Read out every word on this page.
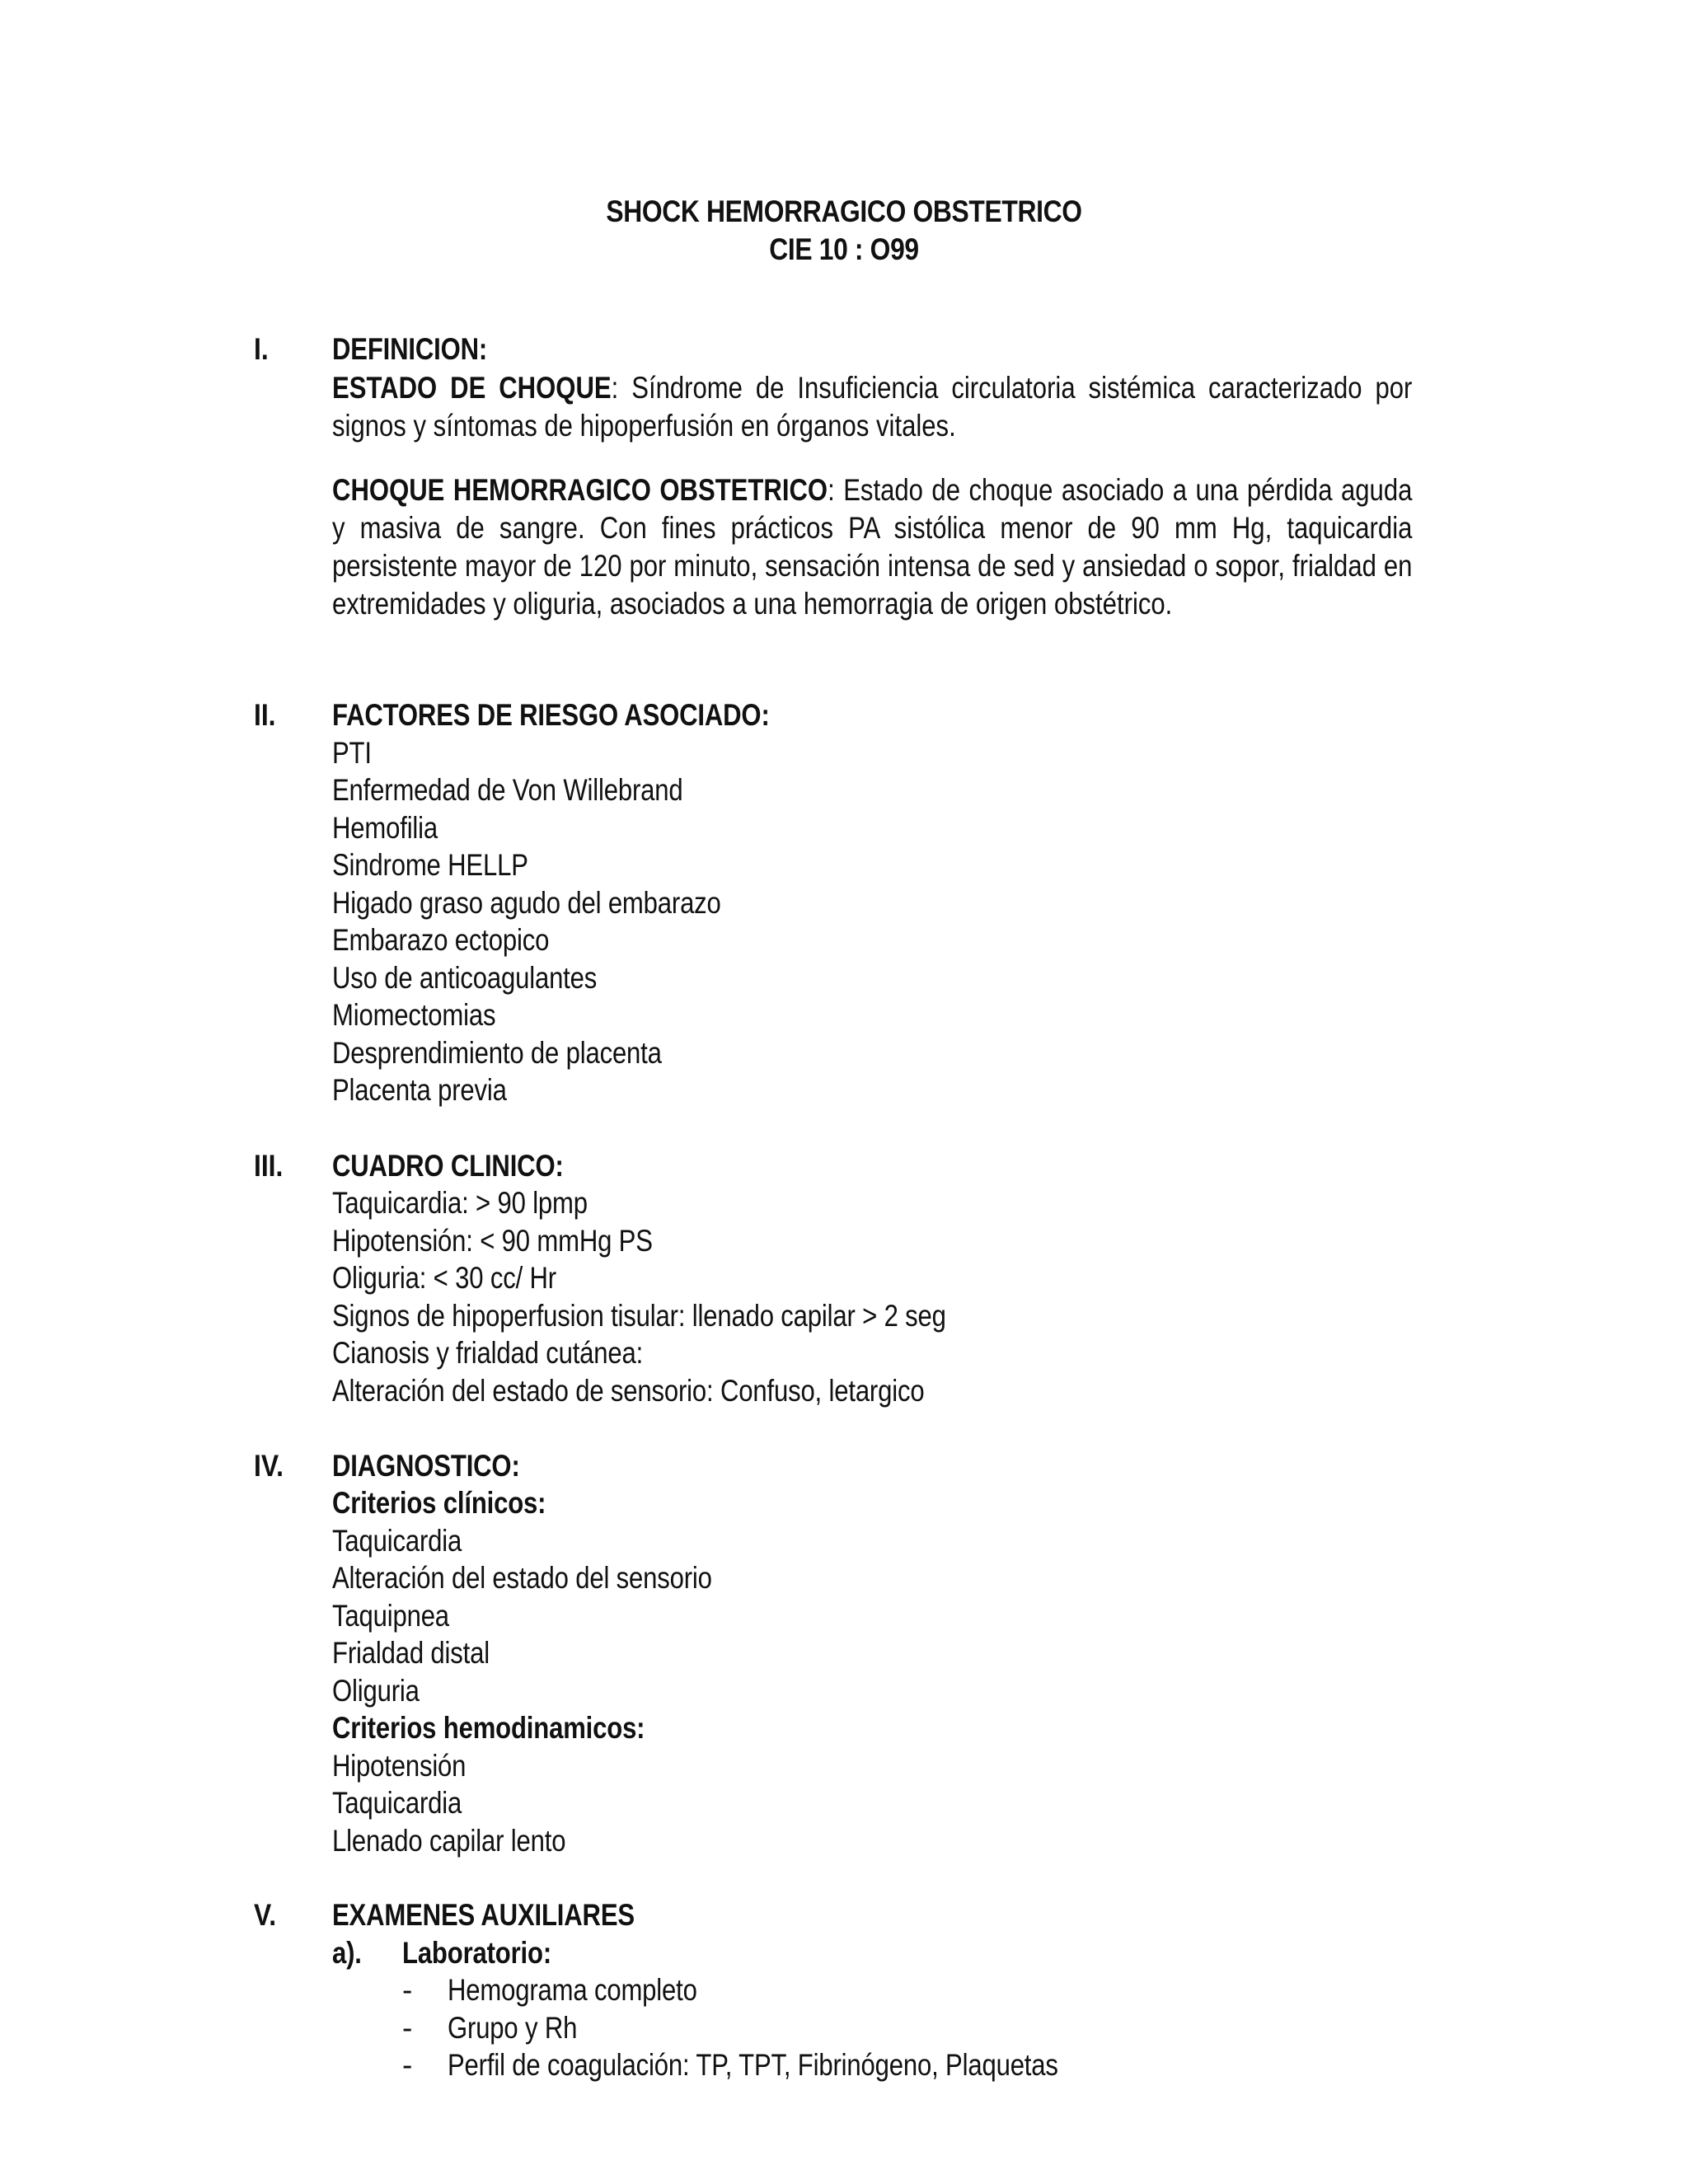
SHOCK HEMORRAGICO OBSTETRICO
CIE 10 : O99
I. DEFINICION:
ESTADO DE CHOQUE: Síndrome de Insuficiencia circulatoria sistémica caracterizado por signos y síntomas de hipoperfusión en órganos vitales.
CHOQUE HEMORRAGICO OBSTETRICO: Estado de choque asociado a una pérdida aguda y masiva de sangre. Con fines prácticos PA sistólica menor de 90 mm Hg, taquicardia persistente mayor de 120 por minuto, sensación intensa de sed y ansiedad o sopor, frialdad en extremidades y oliguria, asociados a una hemorragia de origen obstétrico.
II. FACTORES DE RIESGO ASOCIADO:
PTI
Enfermedad de Von Willebrand
Hemofilia
Sindrome HELLP
Higado graso agudo del embarazo
Embarazo ectopico
Uso de anticoagulantes
Miomectomias
Desprendimiento de placenta
Placenta previa
III. CUADRO CLINICO:
Taquicardia: > 90 lpmp
Hipotensión: < 90 mmHg PS
Oliguria: < 30 cc/ Hr
Signos de hipoperfusion tisular: llenado capilar > 2 seg
Cianosis y frialdad cutánea:
Alteración del estado de sensorio: Confuso, letargico
IV. DIAGNOSTICO:
Criterios clínicos:
Taquicardia
Alteración del estado del sensorio
Taquipnea
Frialdad distal
Oliguria
Criterios hemodinamicos:
Hipotensión
Taquicardia
Llenado capilar lento
V. EXAMENES AUXILIARES
a). Laboratorio:
- Hemograma completo
- Grupo y Rh
- Perfil de coagulación: TP, TPT, Fibrinógeno, Plaquetas
